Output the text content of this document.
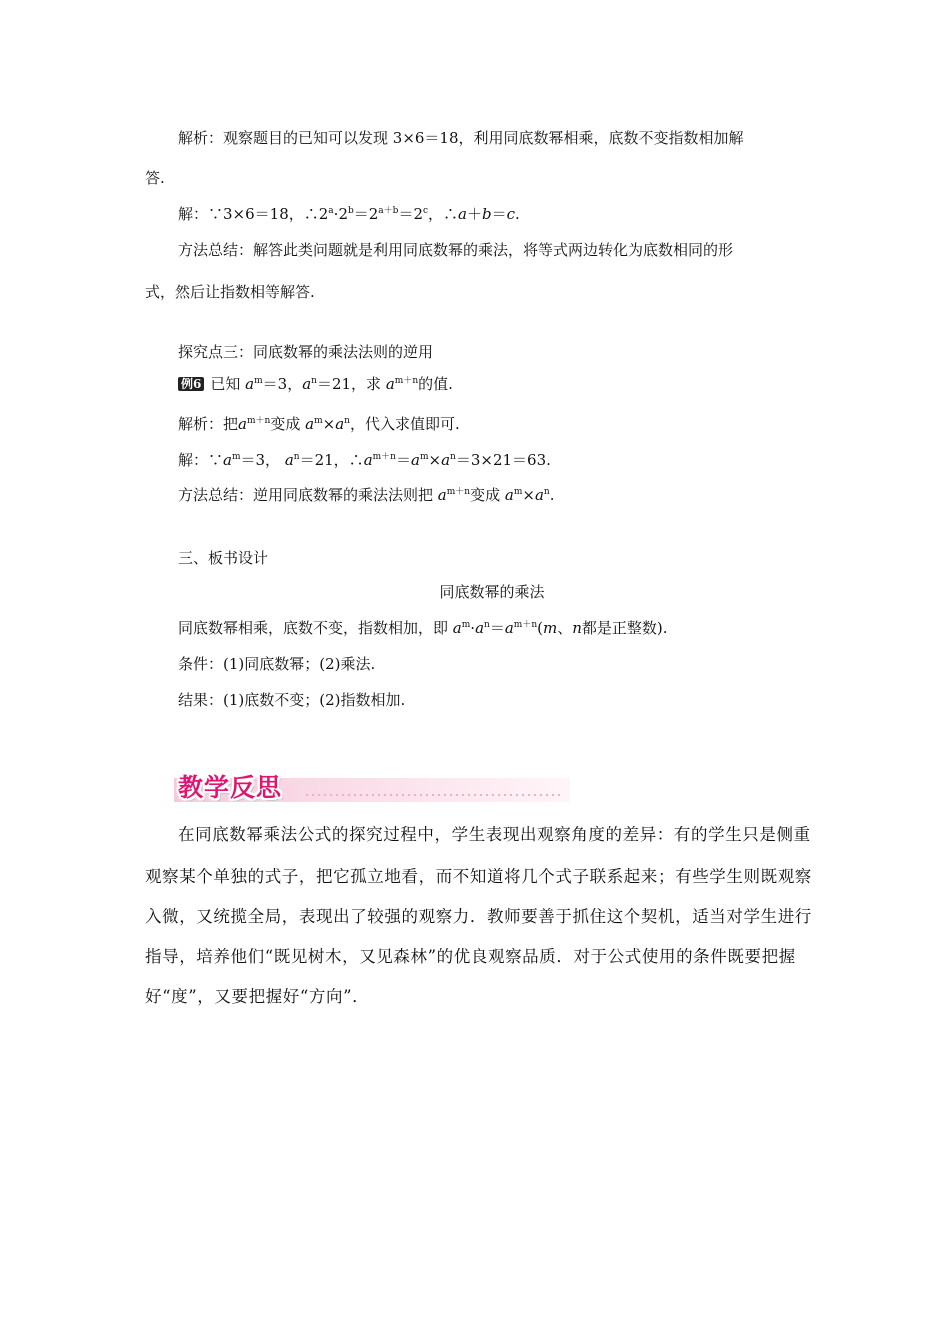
解析：观察题目的已知可以发现 3×6＝18，利用同底数幂相乘，底数不变指数相加解
答.
解：∵3×6＝18，$\therefore 2^a\cdot 2^b=2^{a+b}=2^c$，∴a＋b＝c.
方法总结：解答此类问题就是利用同底数幂的乘法，将等式两边转化为底数相同的形
式，然后让指数相等解答.
探究点三：同底数幂的乘法法则的逆用
例6 已知 $a^m=3$，$a^n=21$，求 $a^{m+n}$的值.
解析：把$a^{m+n}$变成 $a^m\times a^n$，代入求值即可.
解：$\because a^m=3$， $a^n=21$，$\therefore a^{m+n}=a^m\times a^n=3\times 21=63$.
方法总结：逆用同底数幂的乘法法则把 $a^{m+n}$变成 $a^m\times a^n$.
三、板书设计
同底数幂的乘法
同底数幂相乘，底数不变，指数相加，即 $a^m\cdot a^n=a^{m+n}(m$、n都是正整数).
条件：(1)同底数幂；(2)乘法.
结果：(1)底数不变；(2)指数相加.
教学反思
在同底数幂乘法公式的探究过程中，学生表现出观察角度的差异：有的学生只是侧重
观察某个单独的式子，把它孤立地看，而不知道将几个式子联系起来；有些学生则既观察
入微，又统揽全局，表现出了较强的观察力．教师要善于抓住这个契机，适当对学生进行
指导，培养他们“既见树木，又见森林”的优良观察品质．对于公式使用的条件既要把握
好“度”，又要把握好“方向”．
